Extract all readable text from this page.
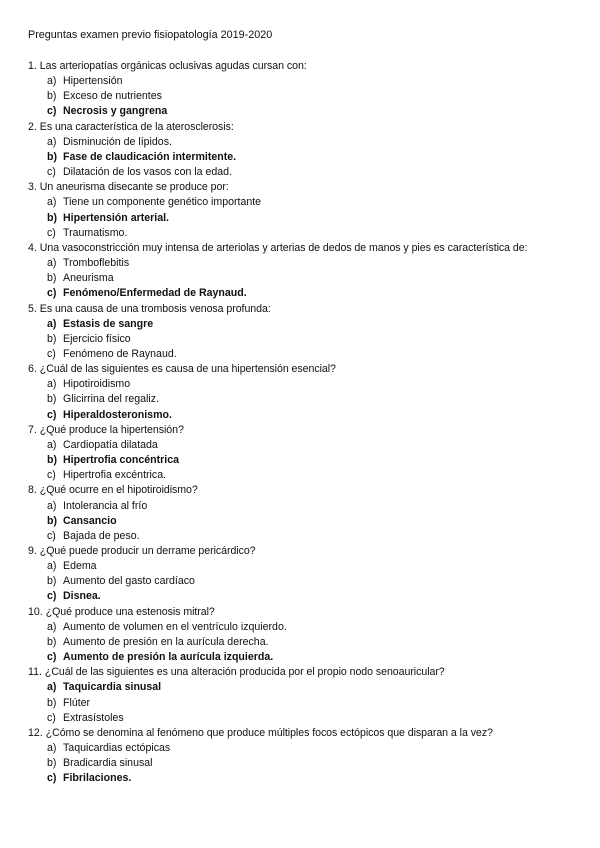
Preguntas examen previo fisiopatología 2019-2020
1. Las arteriopatías orgánicas oclusivas agudas cursan con:
a) Hipertensión
b) Exceso de nutrientes
c) Necrosis y gangrena
2. Es una característica de la aterosclerosis:
a) Disminución de lípidos.
b) Fase de claudicación intermitente.
c) Dilatación de los vasos con la edad.
3. Un aneurisma disecante se produce por:
a) Tiene un componente genético importante
b) Hipertensión arterial.
c) Traumatismo.
4. Una vasoconstricción muy intensa de arteriolas y arterias de dedos de manos y pies es característica de:
a) Tromboflebitis
b) Aneurisma
c) Fenómeno/Enfermedad de Raynaud.
5. Es una causa de una trombosis venosa profunda:
a) Estasis de sangre
b) Ejercicio físico
c) Fenómeno de Raynaud.
6. ¿Cuál de las siguientes es causa de una hipertensión esencial?
a) Hipotiroidismo
b) Glicirrina del regaliz.
c) Hiperaldosteronismo.
7. ¿Qué produce la hipertensión?
a) Cardiopatía dilatada
b) Hipertrofia concéntrica
c) Hipertrofia excéntrica.
8. ¿Qué ocurre en el hipotiroidismo?
a) Intolerancia al frío
b) Cansancio
c) Bajada de peso.
9. ¿Qué puede producir un derrame pericárdico?
a) Edema
b) Aumento del gasto cardíaco
c) Disnea.
10. ¿Qué produce una estenosis mitral?
a) Aumento de volumen en el ventrículo izquierdo.
b) Aumento de presión en la aurícula derecha.
c) Aumento de presión la aurícula izquierda.
11. ¿Cuál de las siguientes es una alteración producida por el propio nodo senoauricular?
a) Taquicardia sinusal
b) Flúter
c) Extrasístoles
12. ¿Cómo se denomina al fenómeno que produce múltiples focos ectópicos que disparan a la vez?
a) Taquicardias ectópicas
b) Bradicardia sinusal
c) Fibrilaciones.
